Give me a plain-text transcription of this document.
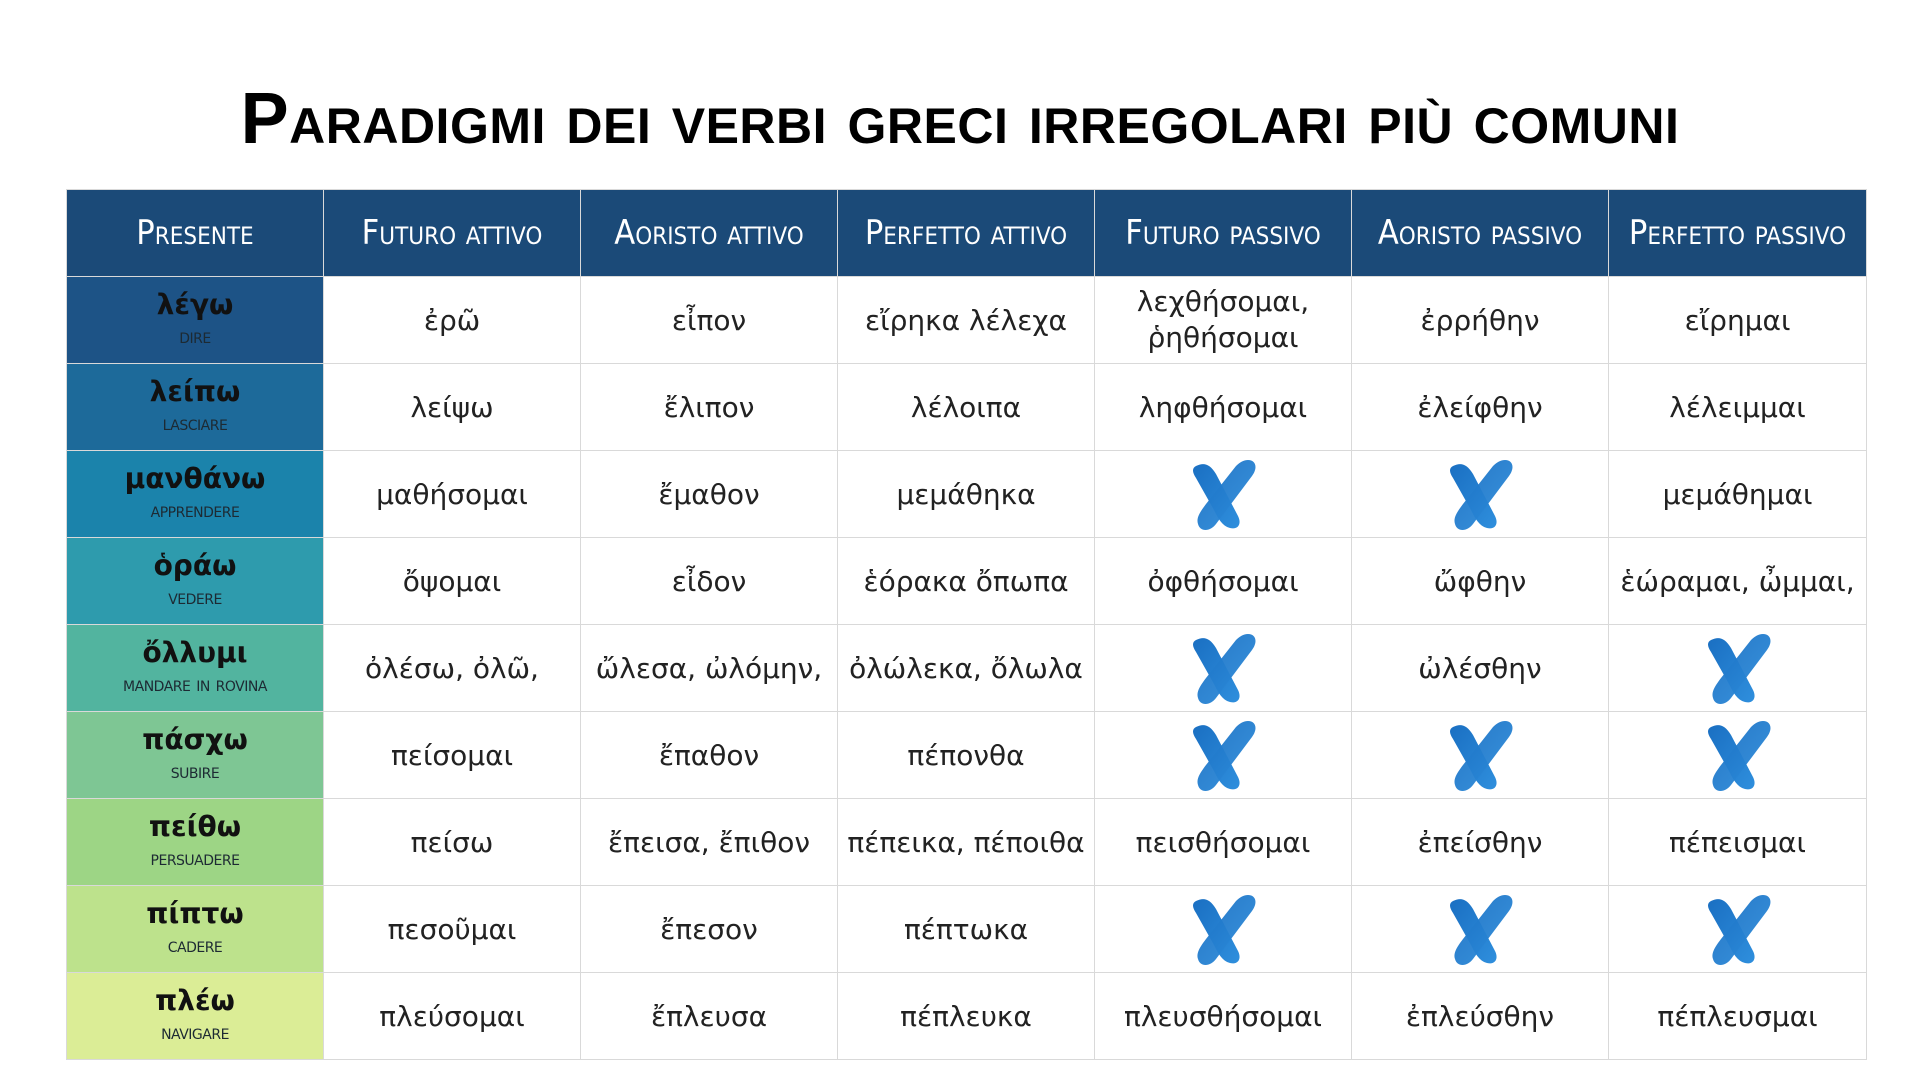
Paradigmi dei verbi greci irregolari più comuni
Presente	Futuro attivo	Aoristo attivo	Perfetto attivo	Futuro passivo	Aoristo passivo	Perfetto passivo

λέγω
dire	ἐρῶ	εἶπον	εἴρηκα λέλεχα	λεχθήσομαι, ῥηθήσομαι	ἐρρήθην	εἴρημαι

λείπω
lasciare	λείψω	ἔλιπον	λέλοιπα	ληφθήσομαι	ἐλείφθην	λέλειμμαι

μανθάνω
apprendere	μαθήσομαι	ἔμαθον	μεμάθηκα			μεμάθημαι

ὁράω
vedere	ὄψομαι	εἶδον	ἑόρακα ὄπωπα	ὀφθήσομαι	ὤφθην	ἑώραμαι, ὦμμαι,

ὄλλυμι
mandare in rovina	ὀλέσω, ὀλῶ,	ὤλεσα, ὠλόμην,	ὀλώλεκα, ὄλωλα		ὠλέσθην	

πάσχω
subire	πείσομαι	ἔπαθον	πέπονθα			

πείθω
persuadere	πείσω	ἔπεισα, ἔπιθον	πέπεικα, πέποιθα	πεισθήσομαι	ἐπείσθην	πέπεισμαι

πίπτω
cadere	πεσοῦμαι	ἔπεσον	πέπτωκα			

πλέω
navigare	πλεύσομαι	ἔπλευσα	πέπλευκα	πλευσθήσομαι	ἐπλεύσθην	πέπλευσμαι
